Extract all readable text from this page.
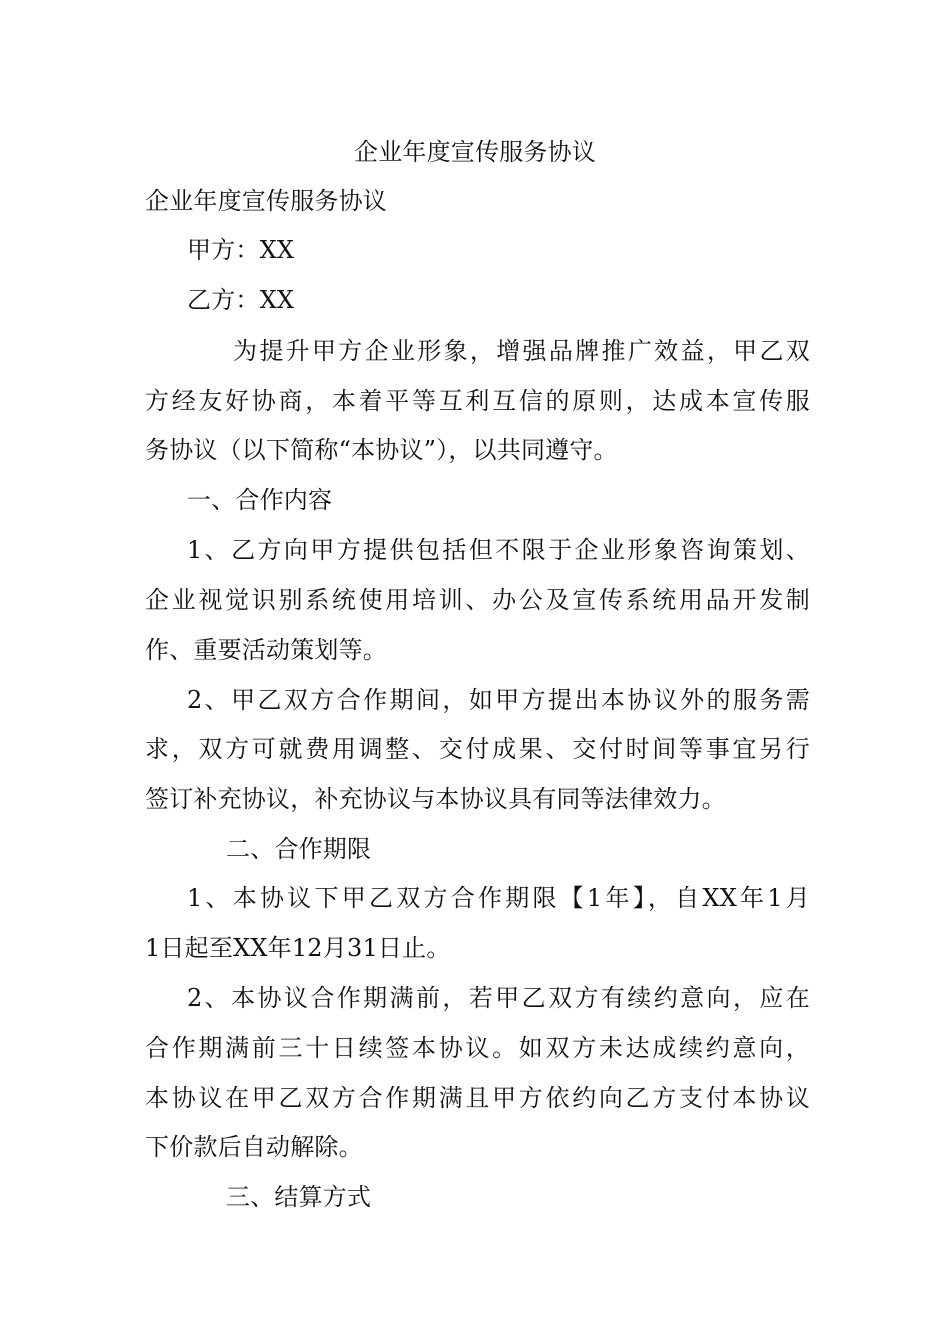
企业年度宣传服务协议
企业年度宣传服务协议
甲方：XX
乙方：XX
为提升甲方企业形象，增强品牌推广效益，甲乙双
方经友好协商，本着平等互利互信的原则，达成本宣传服
务协议（以下简称“本协议”），以共同遵守。
一、合作内容
1、乙方向甲方提供包括但不限于企业形象咨询策划、
企业视觉识别系统使用培训、办公及宣传系统用品开发制
作、重要活动策划等。
2、甲乙双方合作期间，如甲方提出本协议外的服务需
求，双方可就费用调整、交付成果、交付时间等事宜另行
签订补充协议，补充协议与本协议具有同等法律效力。
二、合作期限
1、本协议下甲乙双方合作期限【1年】，自XX年1月
1日起至XX年12月31日止。
2、本协议合作期满前，若甲乙双方有续约意向，应在
合作期满前三十日续签本协议。如双方未达成续约意向，
本协议在甲乙双方合作期满且甲方依约向乙方支付本协议
下价款后自动解除。
三、结算方式
